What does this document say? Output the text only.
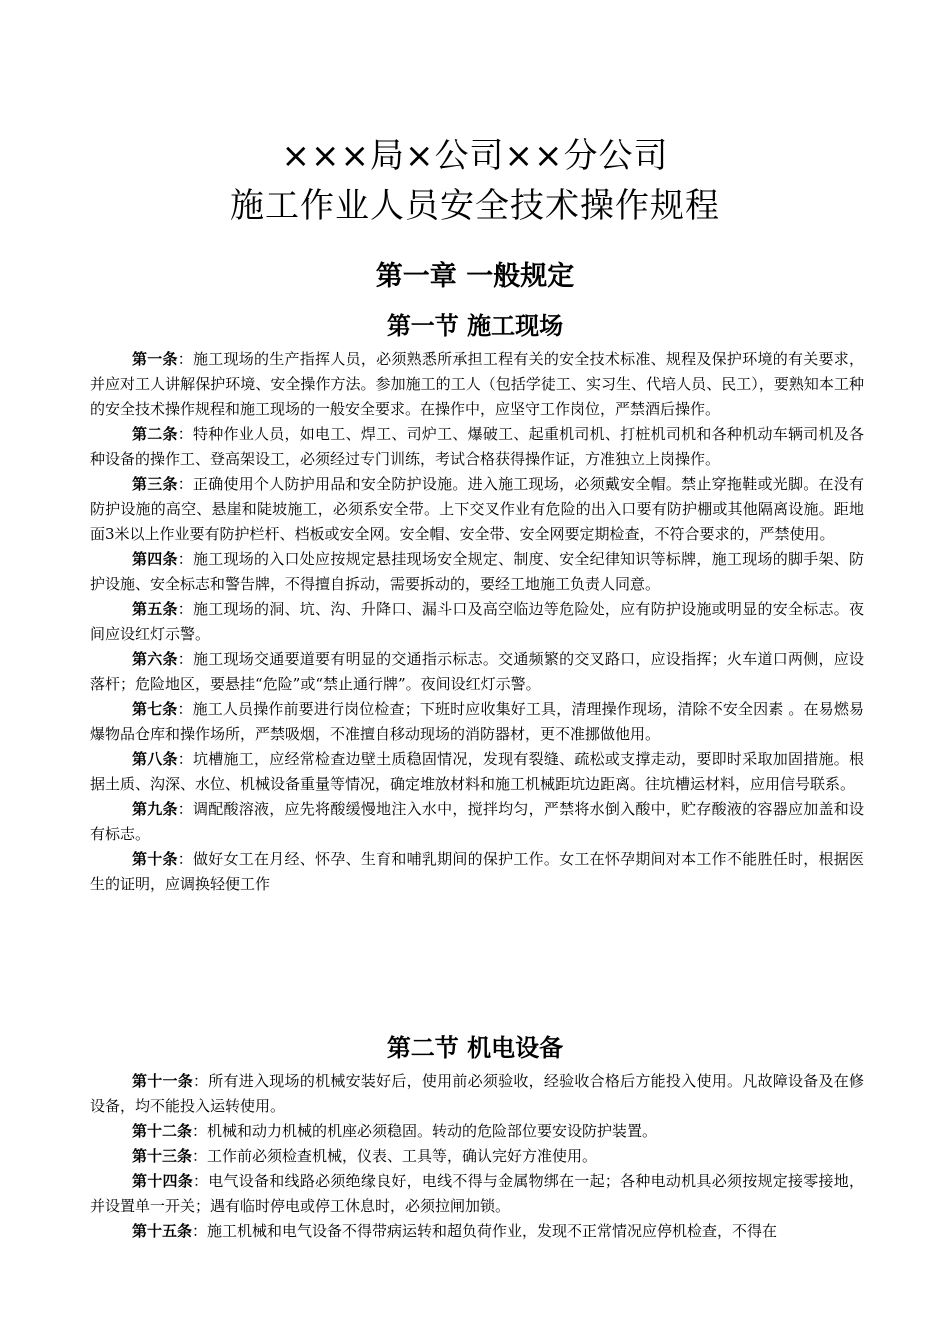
×××局×公司××分公司
施工作业人员安全技术操作规程
第一章 一般规定
第一节 施工现场

第一条：施工现场的生产指挥人员，必须熟悉所承担工程有关的安全技术标准、规程及保护环境的有关要求，并应对工人讲解保护环境、安全操作方法。参加施工的工人（包括学徒工、实习生、代培人员、民工），要熟知本工种的安全技术操作规程和施工现场的一般安全要求。在操作中，应坚守工作岗位，严禁酒后操作。

第二条：特种作业人员，如电工、焊工、司炉工、爆破工、起重机司机、打桩机司机和各种机动车辆司机及各种设备的操作工、登高架设工，必须经过专门训练，考试合格获得操作证，方准独立上岗操作。

第三条：正确使用个人防护用品和安全防护设施。进入施工现场，必须戴安全帽。禁止穿拖鞋或光脚。在没有防护设施的高空、悬崖和陡坡施工，必须系安全带。上下交叉作业有危险的出入口要有防护棚或其他隔离设施。距地面3米以上作业要有防护栏杆、档板或安全网。安全帽、安全带、安全网要定期检查，不符合要求的，严禁使用。

第四条：施工现场的入口处应按规定悬挂现场安全规定、制度、安全纪律知识等标牌，施工现场的脚手架、防护设施、安全标志和警告牌，不得擅自拆动，需要拆动的，要经工地施工负责人同意。

第五条：施工现场的洞、坑、沟、升降口、漏斗口及高空临边等危险处，应有防护设施或明显的安全标志。夜间应设红灯示警。

第六条：施工现场交通要道要有明显的交通指示标志。交通频繁的交叉路口，应设指挥；火车道口两侧，应设落杆；危险地区，要悬挂“危险”或“禁止通行牌”。夜间设红灯示警。

第七条：施工人员操作前要进行岗位检查；下班时应收集好工具，清理操作现场，清除不安全因素 。在易燃易爆物品仓库和操作场所，严禁吸烟，不准擅自移动现场的消防器材，更不准挪做他用。

第八条：坑槽施工，应经常检查边壁土质稳固情况，发现有裂缝、疏松或支撑走动，要即时采取加固措施。根据土质、沟深、水位、机械设备重量等情况，确定堆放材料和施工机械距坑边距离。往坑槽运材料，应用信号联系。

第九条：调配酸溶液，应先将酸缓慢地注入水中，搅拌均匀，严禁将水倒入酸中，贮存酸液的容器应加盖和设有标志。

第十条：做好女工在月经、怀孕、生育和哺乳期间的保护工作。女工在怀孕期间对本工作不能胜任时，根据医生的证明，应调换轻便工作

第二节 机电设备

第十一条：所有进入现场的机械安装好后，使用前必须验收，经验收合格后方能投入使用。凡故障设备及在修设备，均不能投入运转使用。

第十二条：机械和动力机械的机座必须稳固。转动的危险部位要安设防护装置。

第十三条：工作前必须检查机械，仪表、工具等，确认完好方准使用。

第十四条：电气设备和线路必须绝缘良好，电线不得与金属物绑在一起；各种电动机具必须按规定接零接地，并设置单一开关；遇有临时停电或停工休息时，必须拉闸加锁。

第十五条：施工机械和电气设备不得带病运转和超负荷作业，发现不正常情况应停机检查，不得在
